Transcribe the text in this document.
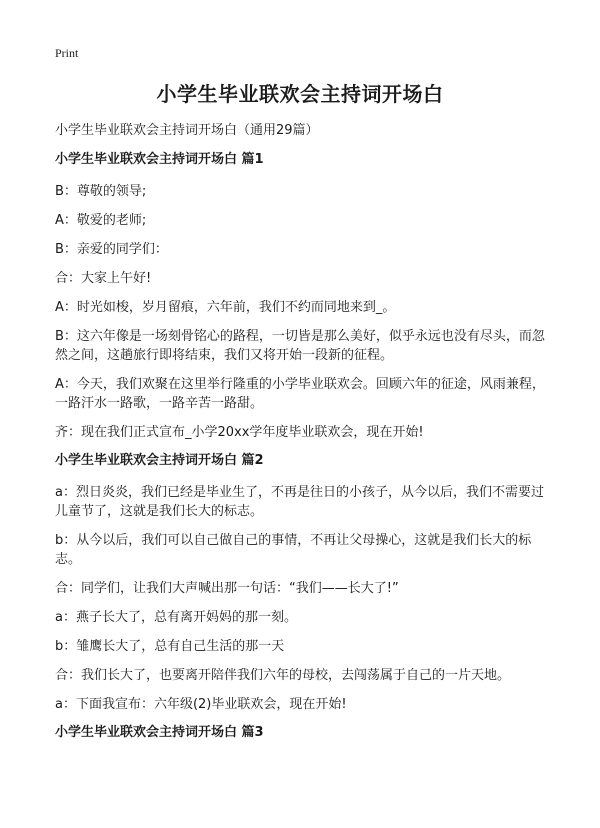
Print
小学生毕业联欢会主持词开场白

小学生毕业联欢会主持词开场白（通用29篇）

小学生毕业联欢会主持词开场白 篇1

B：尊敬的领导;

A：敬爱的老师;

B：亲爱的同学们：

合：大家上午好!

A：时光如梭，岁月留痕，六年前，我们不约而同地来到_。

B：这六年像是一场刻骨铭心的路程，一切皆是那么美好，似乎永远也没有尽头，而忽然之间，这趟旅行即将结束，我们又将开始一段新的征程。

A：今天，我们欢聚在这里举行隆重的小学毕业联欢会。回顾六年的征途，风雨兼程，一路汗水一路歌，一路辛苦一路甜。

齐：现在我们正式宣布_小学20xx学年度毕业联欢会，现在开始!

小学生毕业联欢会主持词开场白 篇2

a：烈日炎炎，我们已经是毕业生了，不再是往日的小孩子，从今以后，我们不需要过儿童节了，这就是我们长大的标志。

b：从今以后，我们可以自己做自己的事情，不再让父母操心，这就是我们长大的标志。

合：同学们，让我们大声喊出那一句话：“我们——长大了!”

a：燕子长大了，总有离开妈妈的那一刻。

b：雏鹰长大了，总有自己生活的那一天

合：我们长大了，也要离开陪伴我们六年的母校，去闯荡属于自己的一片天地。

a：下面我宣布：六年级(2)毕业联欢会，现在开始!

小学生毕业联欢会主持词开场白 篇3
